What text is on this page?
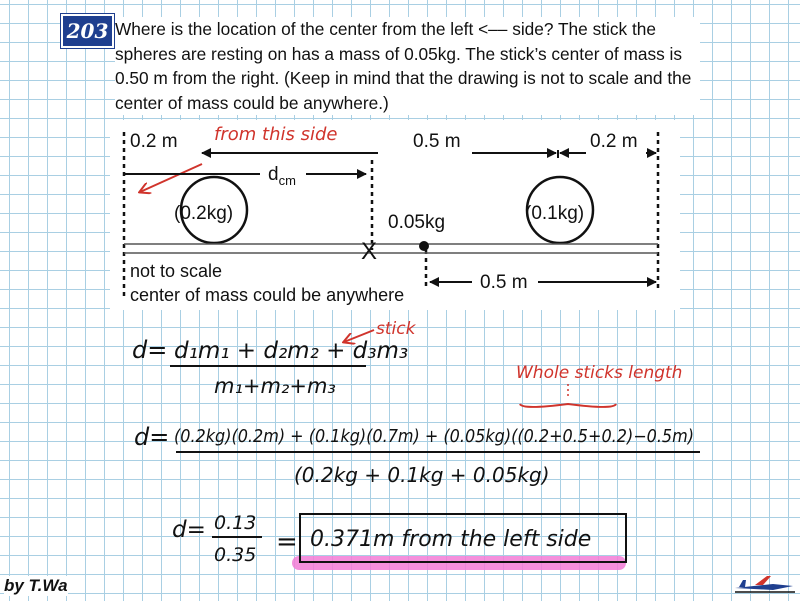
203 Where is the location of the center from the left <–– side? The stick the spheres are resting on has a mass of 0.05kg. The stick’s center of mass is 0.50 m from the right. (Keep in mind that the drawing is not to scale and the center of mass could be anywhere.)
0.2 m	0.5 m	0.2 m
from this side
$d_{cm}$
(0.2kg)	(0.1kg)
0.05kg
X
not to scale
center of mass could be anywhere
0.5 m
d= d₁m₁ + d₂m₂ + d₃m₃
m₁+m₂+m₃
stick
Whole sticks length
d= (0.2kg)(0.2m) + (0.1kg)(0.7m) + (0.05kg)((0.2+0.5+0.2)−0.5m)
(0.2kg + 0.1kg + 0.05kg)
d= 0.13
0.35 = 0.371m from the left side
by T.Wa
